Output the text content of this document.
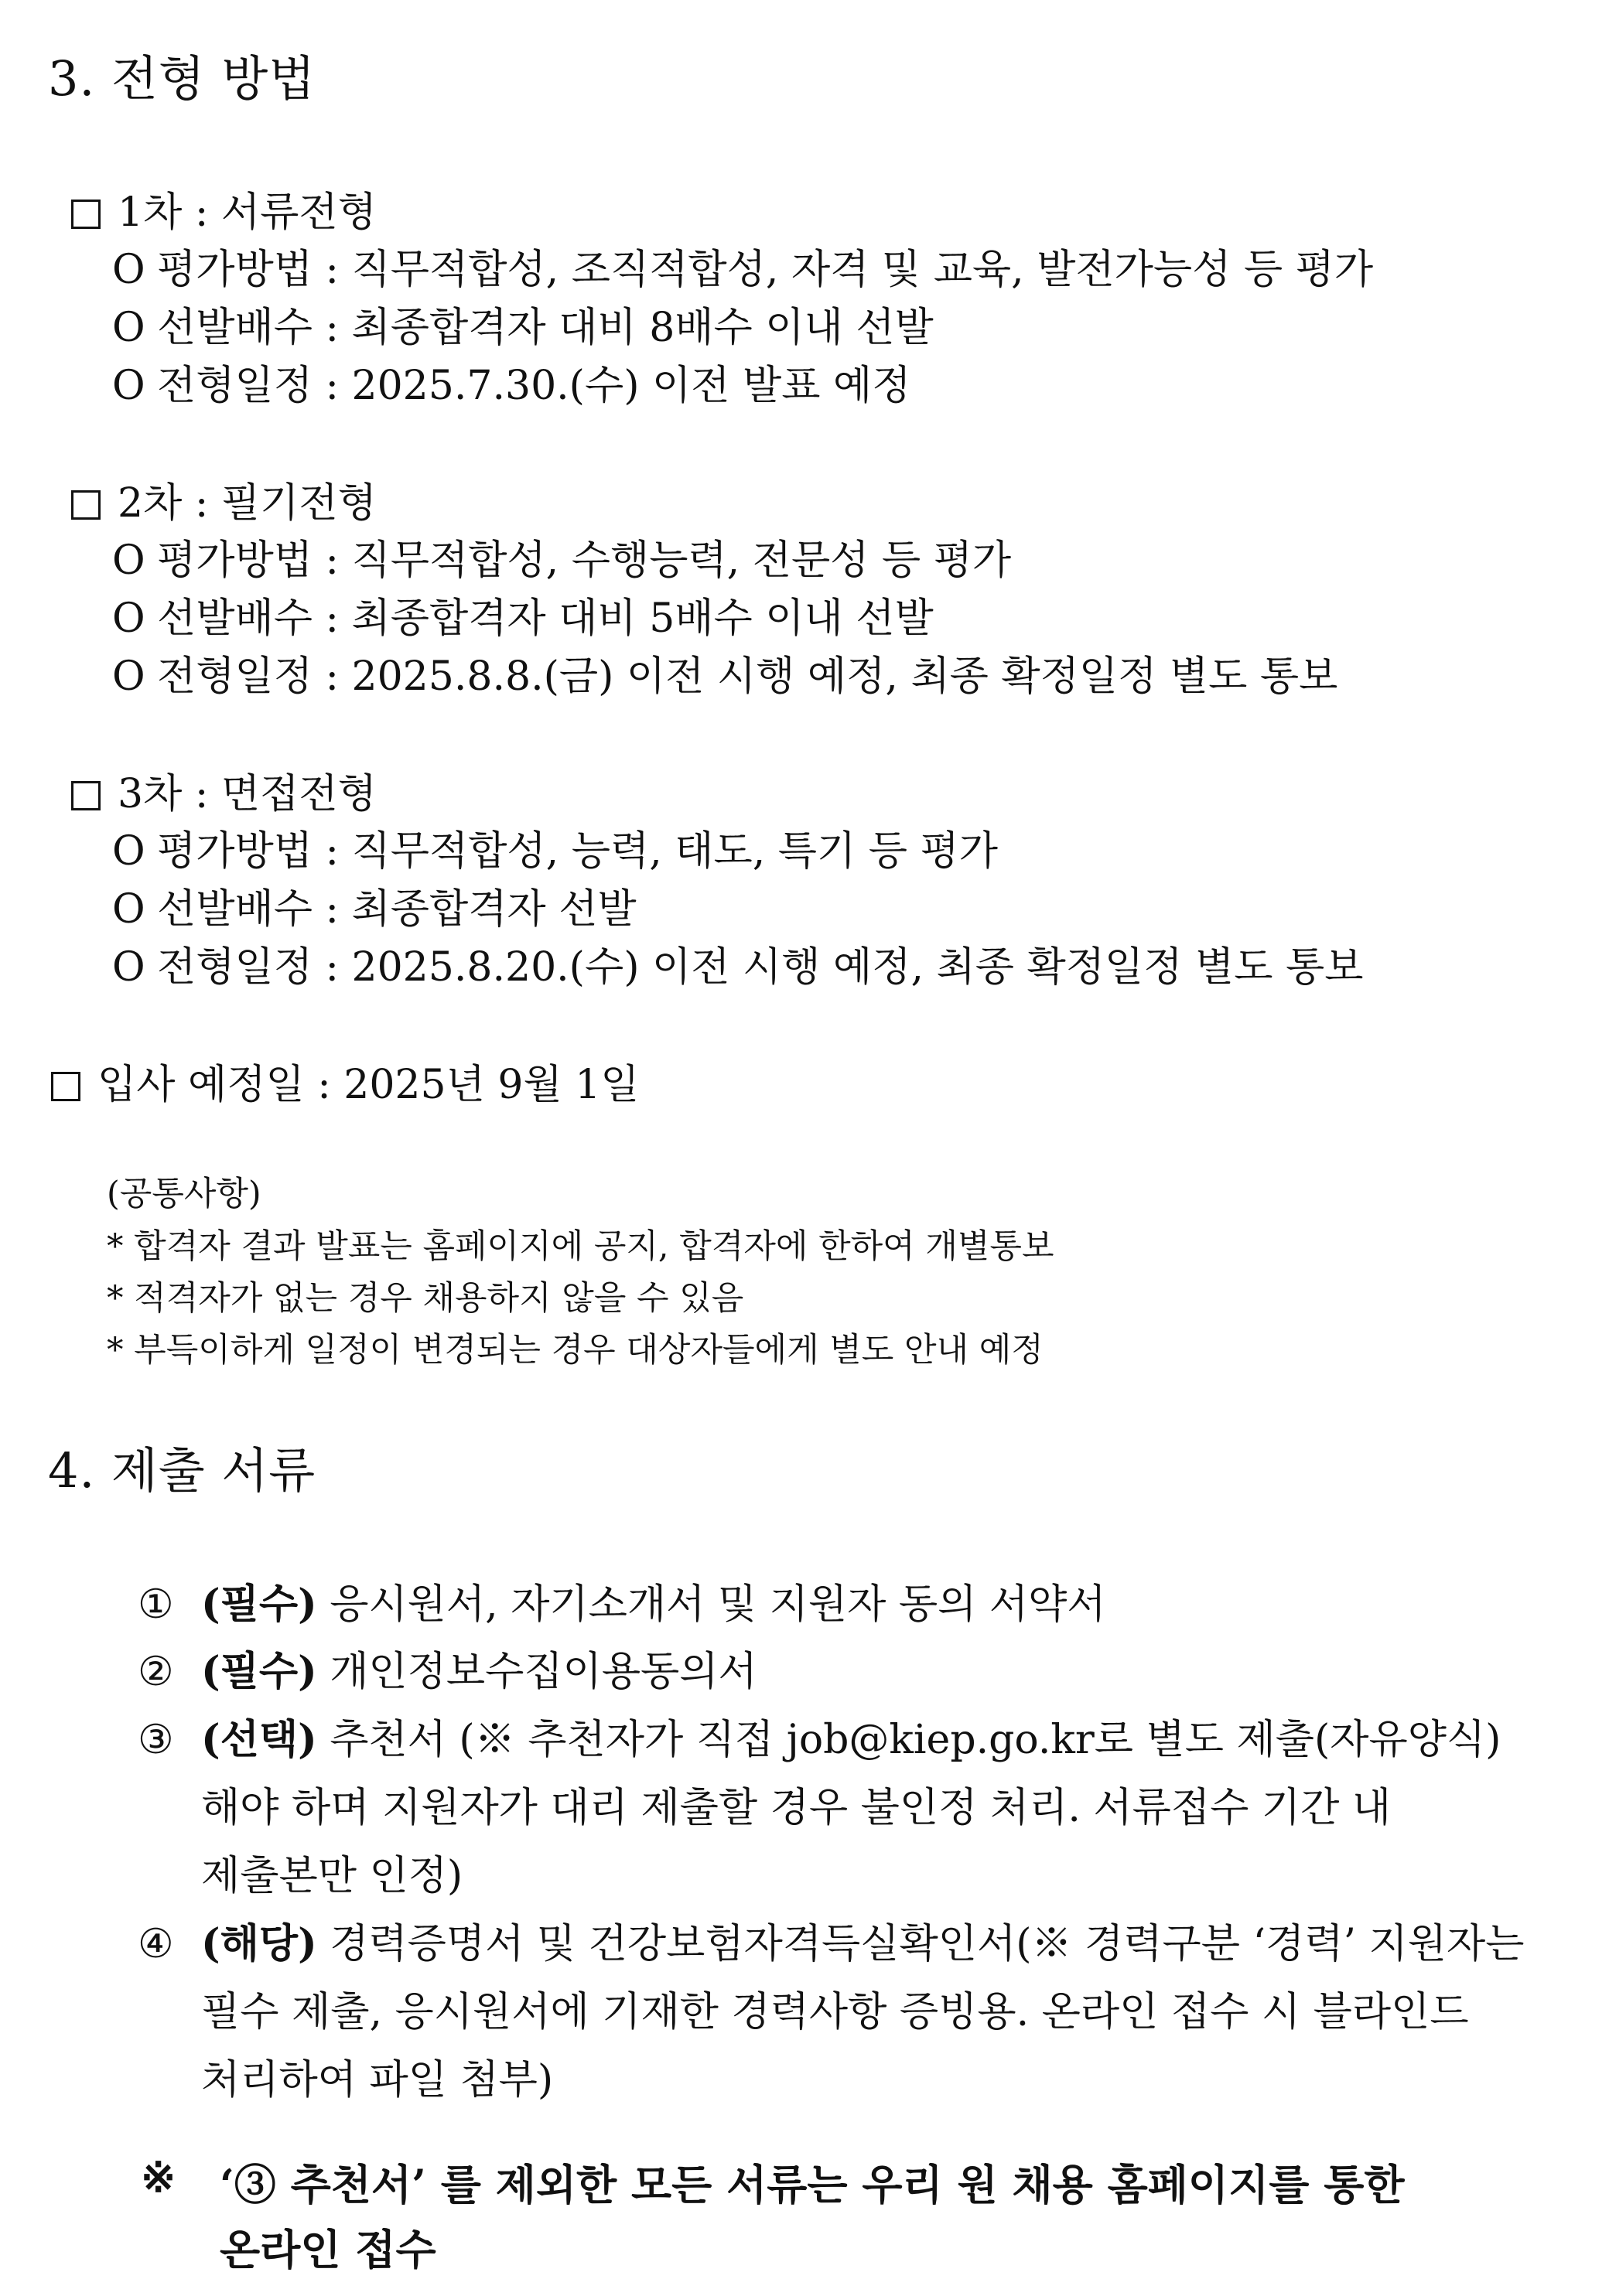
3. 전형 방법
1차 : 서류전형
O 평가방법 : 직무적합성, 조직적합성, 자격 및 교육, 발전가능성 등 평가
O 선발배수 : 최종합격자 대비 8배수 이내 선발
O 전형일정 : 2025.7.30.(수) 이전 발표 예정
2차 : 필기전형
O 평가방법 : 직무적합성, 수행능력, 전문성 등 평가
O 선발배수 : 최종합격자 대비 5배수 이내 선발
O 전형일정 : 2025.8.8.(금) 이전 시행 예정, 최종 확정일정 별도 통보
3차 : 면접전형
O 평가방법 : 직무적합성, 능력, 태도, 특기 등 평가
O 선발배수 : 최종합격자 선발
O 전형일정 : 2025.8.20.(수) 이전 시행 예정, 최종 확정일정 별도 통보
입사 예정일 : 2025년 9월 1일
(공통사항)
* 합격자 결과 발표는 홈페이지에 공지, 합격자에 한하여 개별통보
* 적격자가 없는 경우 채용하지 않을 수 있음
* 부득이하게 일정이 변경되는 경우 대상자들에게 별도 안내 예정
4. 제출 서류
① (필수) 응시원서, 자기소개서 및 지원자 동의 서약서
② (필수) 개인정보수집이용동의서
③ (선택) 추천서 (※ 추천자가 직접 job@kiep.go.kr로 별도 제출(자유양식)
해야 하며 지원자가 대리 제출할 경우 불인정 처리. 서류접수 기간 내
제출본만 인정)
④ (해당) 경력증명서 및 건강보험자격득실확인서(※ 경력구분 ‘경력’ 지원자는
필수 제출, 응시원서에 기재한 경력사항 증빙용. 온라인 접수 시 블라인드
처리하여 파일 첨부)
※ ‘③ 추천서’ 를 제외한 모든 서류는 우리 원 채용 홈페이지를 통한
온라인 접수
